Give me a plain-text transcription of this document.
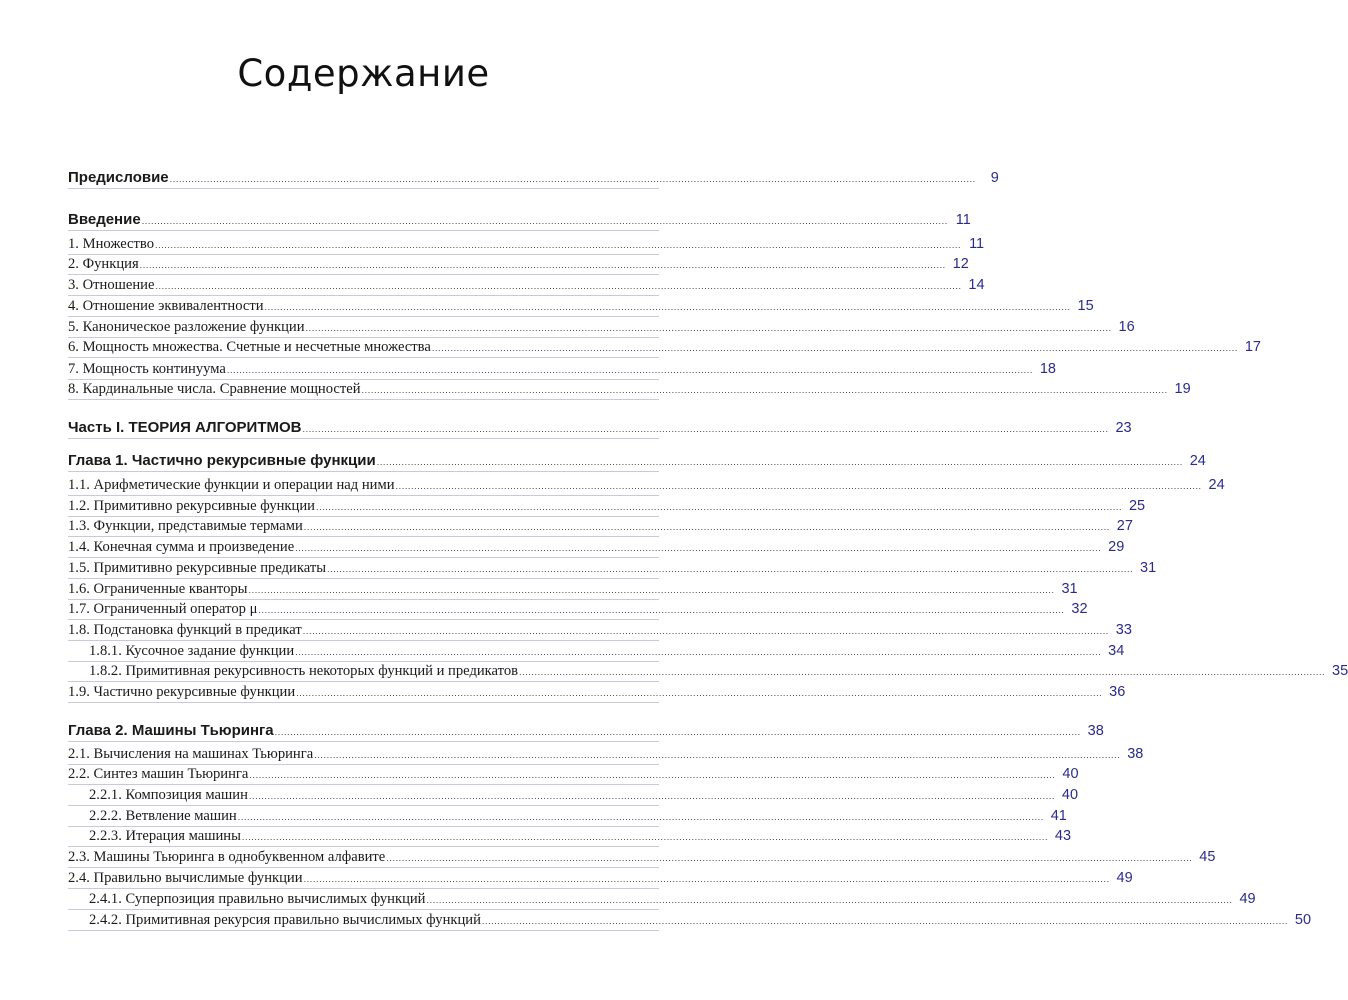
Содержание
Предисловие ....................................................................................................................................................................................................................................................................	9
Введение .................................................................................................................................................................................................................................................................... 11
1. Множество .................................................................................................................................................................................................................................................................... 11
2. Функция .................................................................................................................................................................................................................................................................... 12
3. Отношение .................................................................................................................................................................................................................................................................... 14
4. Отношение эквивалентности .................................................................................................................................................................................................................................................................... 15
5. Каноническое разложение функции .................................................................................................................................................................................................................................................................... 16
6. Мощность множества. Счетные и несчетные множества .................................................................................................................................................................................................................................................................... 17
7. Мощность континуума .................................................................................................................................................................................................................................................................... 18
8. Кардинальные числа. Сравнение мощностей .................................................................................................................................................................................................................................................................... 19
Часть I. ТЕОРИЯ АЛГОРИТМОВ .................................................................................................................................................................................................................................................................... 23
Глава 1. Частично рекурсивные функции .................................................................................................................................................................................................................................................................... 24
1.1. Арифметические функции и операции над ними .................................................................................................................................................................................................................................................................... 24
1.2. Примитивно рекурсивные функции .................................................................................................................................................................................................................................................................... 25
1.3. Функции, представимые термами .................................................................................................................................................................................................................................................................... 27
1.4. Конечная сумма и произведение .................................................................................................................................................................................................................................................................... 29
1.5. Примитивно рекурсивные предикаты .................................................................................................................................................................................................................................................................... 31
1.6. Ограниченные кванторы .................................................................................................................................................................................................................................................................... 31
1.7. Ограниченный оператор μ .................................................................................................................................................................................................................................................................... 32
1.8. Подстановка функций в предикат .................................................................................................................................................................................................................................................................... 33
1.8.1. Кусочное задание функции .................................................................................................................................................................................................................................................................... 34
1.8.2. Примитивная рекурсивность некоторых функций и предикатов .................................................................................................................................................................................................................................................................... 35
1.9. Частично рекурсивные функции .................................................................................................................................................................................................................................................................... 36
Глава 2. Машины Тьюринга .................................................................................................................................................................................................................................................................... 38
2.1. Вычисления на машинах Тьюринга .................................................................................................................................................................................................................................................................... 38
2.2. Синтез машин Тьюринга .................................................................................................................................................................................................................................................................... 40
2.2.1. Композиция машин .................................................................................................................................................................................................................................................................... 40
2.2.2. Ветвление машин .................................................................................................................................................................................................................................................................... 41
2.2.3. Итерация машины .................................................................................................................................................................................................................................................................... 43
2.3. Машины Тьюринга в однобуквенном алфавите .................................................................................................................................................................................................................................................................... 45
2.4. Правильно вычислимые функции .................................................................................................................................................................................................................................................................... 49
2.4.1. Суперпозиция правильно вычислимых функций .................................................................................................................................................................................................................................................................... 49
2.4.2. Примитивная рекурсия правильно вычислимых функций .................................................................................................................................................................................................................................................................... 50
